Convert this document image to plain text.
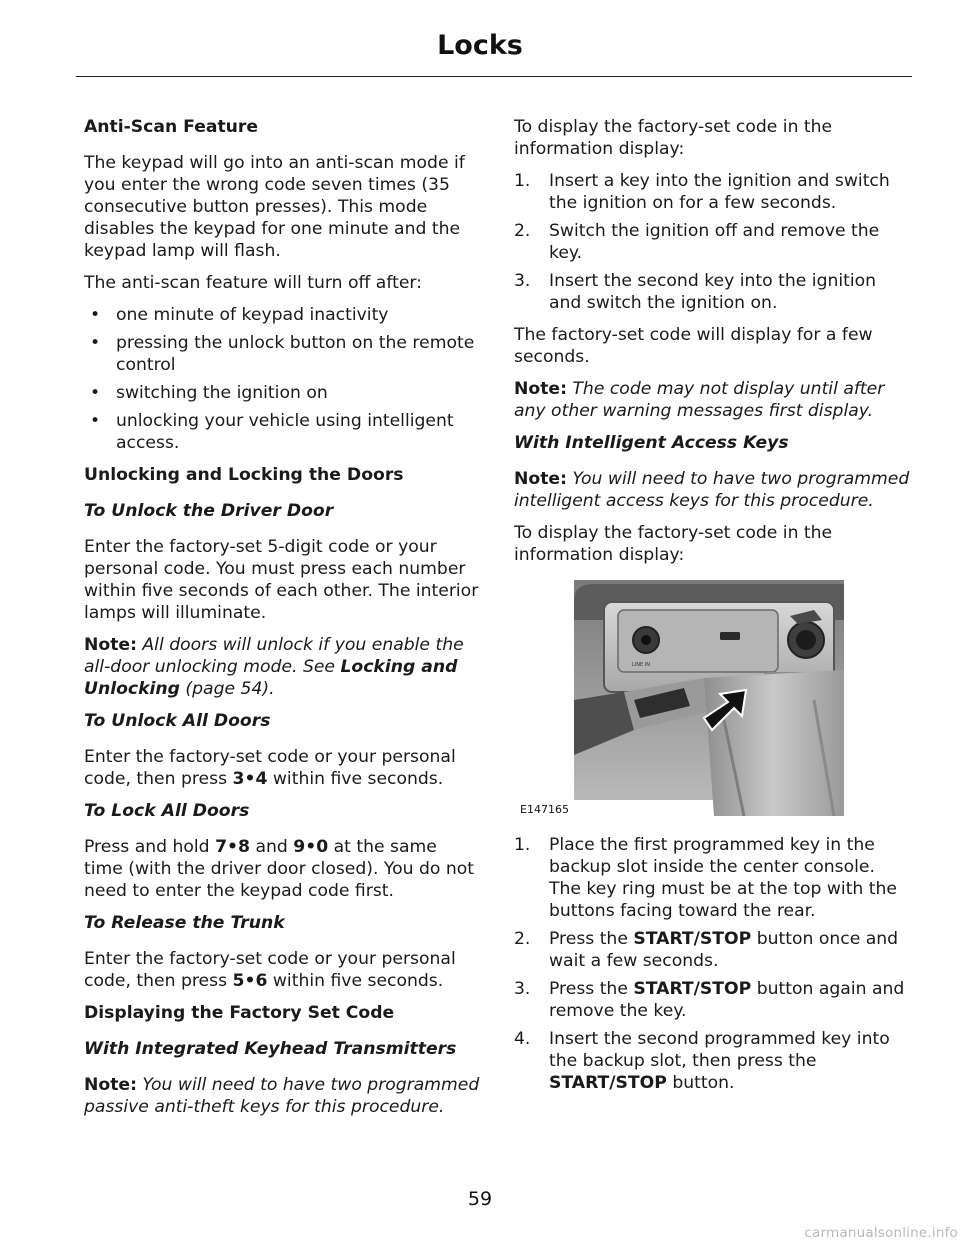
Locks
Anti-Scan Feature

The keypad will go into an anti-scan mode if you enter the wrong code seven times (35 consecutive button presses). This mode disables the keypad for one minute and the keypad lamp will flash.

The anti-scan feature will turn off after:

• one minute of keypad inactivity
• pressing the unlock button on the remote control
• switching the ignition on
• unlocking your vehicle using intelligent access.
Unlocking and Locking the Doors
To Unlock the Driver Door

Enter the factory-set 5-digit code or your personal code. You must press each number within five seconds of each other. The interior lamps will illuminate.

Note: All doors will unlock if you enable the all-door unlocking mode. See Locking and Unlocking (page 54).

To Unlock All Doors

Enter the factory-set code or your personal code, then press 3•4 within five seconds.

To Lock All Doors

Press and hold 7•8 and 9•0 at the same time (with the driver door closed). You do not need to enter the keypad code first.

To Release the Trunk

Enter the factory-set code or your personal code, then press 5•6 within five seconds.

Displaying the Factory Set Code
With Integrated Keyhead Transmitters

Note: You will need to have two programmed passive anti-theft keys for this procedure.

To display the factory-set code in the information display:

1. Insert a key into the ignition and switch the ignition on for a few seconds.
2. Switch the ignition off and remove the key.
3. Insert the second key into the ignition and switch the ignition on.

The factory-set code will display for a few seconds.

Note: The code may not display until after any other warning messages first display.

With Intelligent Access Keys

Note: You will need to have two programmed intelligent access keys for this procedure.

To display the factory-set code in the information display:

LINE IN
E147165
1. Place the first programmed key in the backup slot inside the center console. The key ring must be at the top with the buttons facing toward the rear.
2. Press the START/STOP button once and wait a few seconds.
3. Press the START/STOP button again and remove the key.
4. Insert the second programmed key into the backup slot, then press the START/STOP button.
59
carmanualsonline.info
